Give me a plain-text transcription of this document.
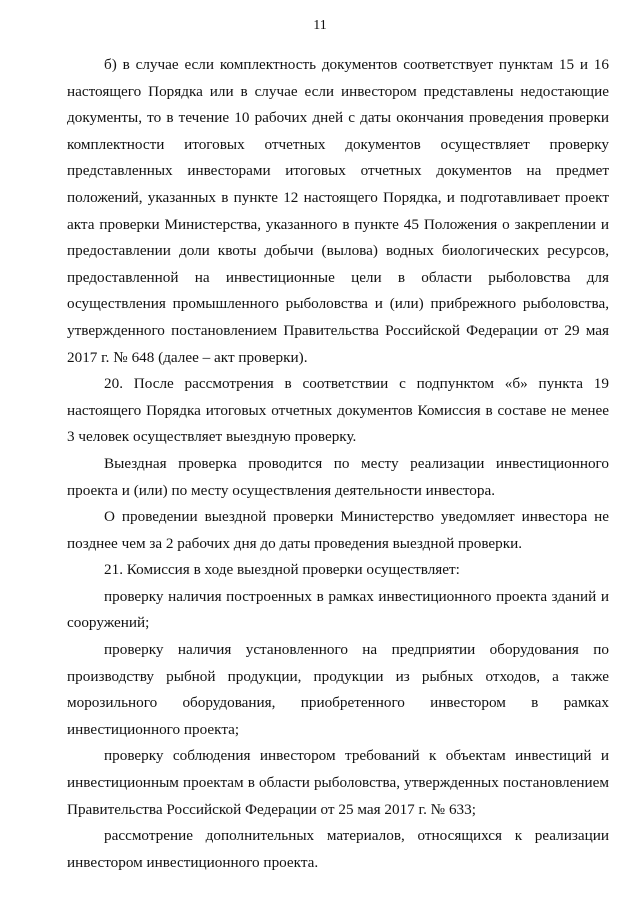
11

б) в случае если комплектность документов соответствует пунктам 15 и 16 настоящего Порядка или в случае если инвестором представлены недостающие документы, то в течение 10 рабочих дней с даты окончания проведения проверки комплектности итоговых отчетных документов осуществляет проверку представленных инвесторами итоговых отчетных документов на предмет положений, указанных в пункте 12 настоящего Порядка, и подготавливает проект акта проверки Министерства, указанного в пункте 45 Положения о закреплении и предоставлении доли квоты добычи (вылова) водных биологических ресурсов, предоставленной на инвестиционные цели в области рыболовства для осуществления промышленного рыболовства и (или) прибрежного рыболовства, утвержденного постановлением Правительства Российской Федерации от 29 мая 2017 г. № 648 (далее – акт проверки).

20. После рассмотрения в соответствии с подпунктом «б» пункта 19 настоящего Порядка итоговых отчетных документов Комиссия в составе не менее 3 человек осуществляет выездную проверку.

Выездная проверка проводится по месту реализации инвестиционного проекта и (или) по месту осуществления деятельности инвестора.

О проведении выездной проверки Министерство уведомляет инвестора не позднее чем за 2 рабочих дня до даты проведения выездной проверки.

21. Комиссия в ходе выездной проверки осуществляет:

проверку наличия построенных в рамках инвестиционного проекта зданий и сооружений;

проверку наличия установленного на предприятии оборудования по производству рыбной продукции, продукции из рыбных отходов, а также морозильного оборудования, приобретенного инвестором в рамках инвестиционного проекта;

проверку соблюдения инвестором требований к объектам инвестиций и инвестиционным проектам в области рыболовства, утвержденных постановлением Правительства Российской Федерации от 25 мая 2017 г. № 633;

рассмотрение дополнительных материалов, относящихся к реализации инвестором инвестиционного проекта.
